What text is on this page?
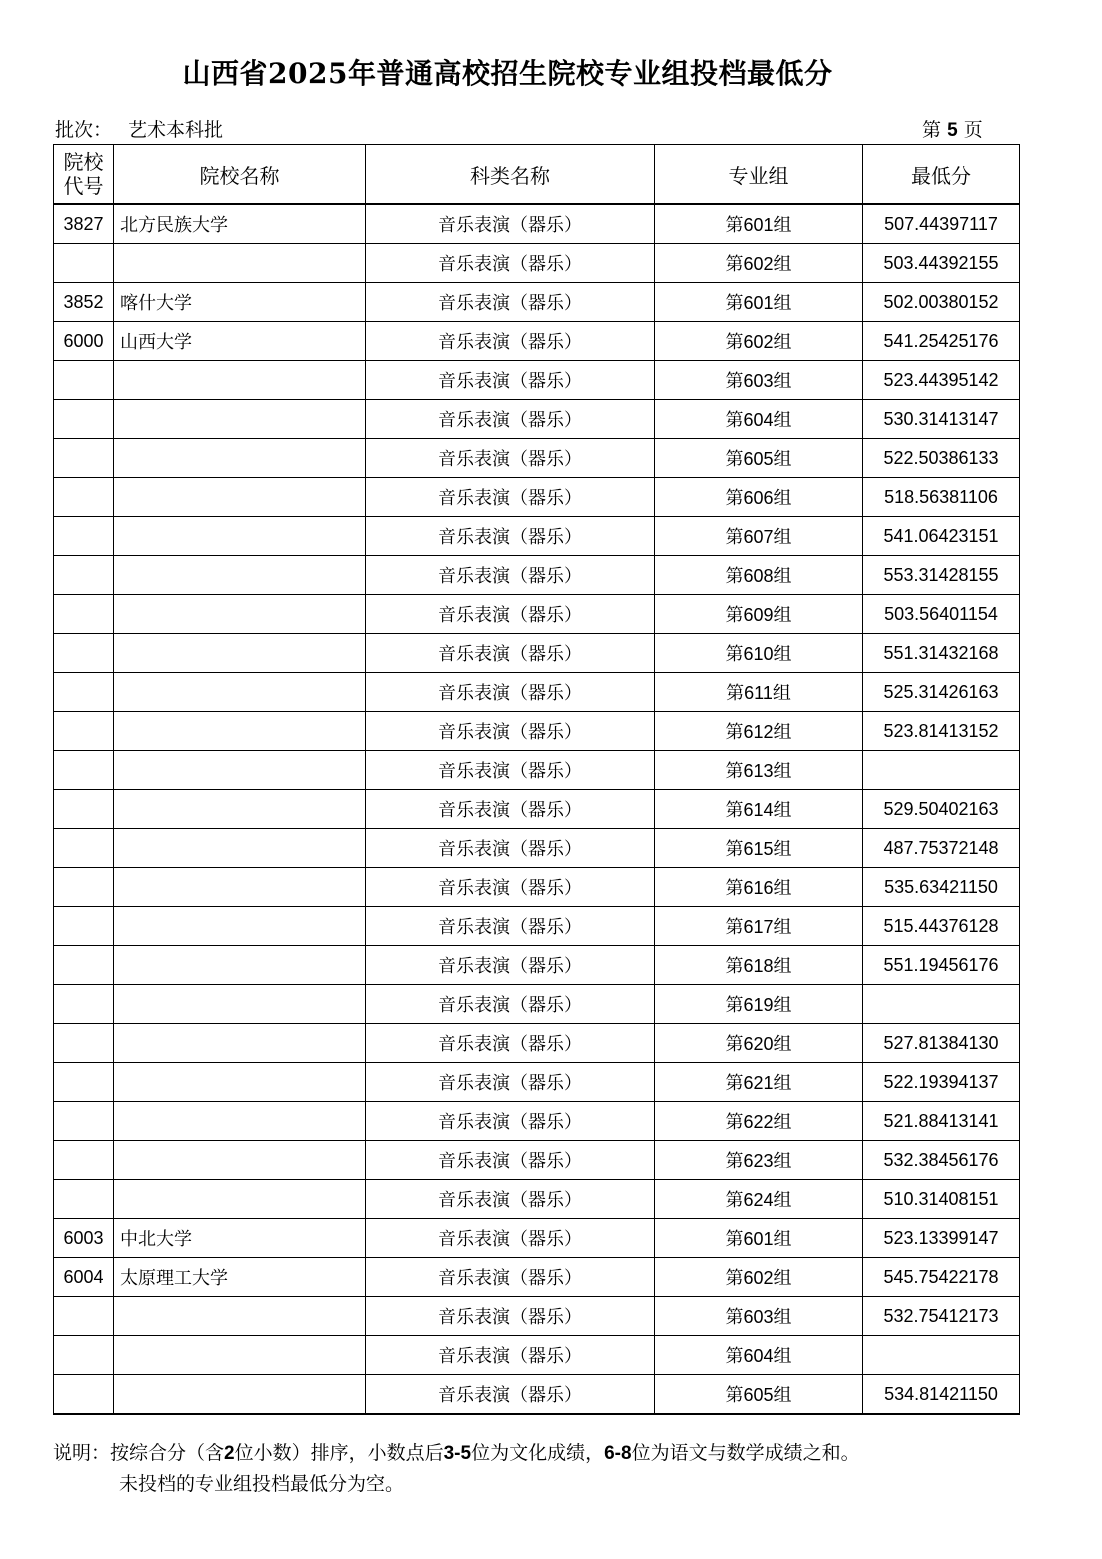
山西省2025年普通高校招生院校专业组投档最低分
批次： 艺术本科批	第 5 页
院校
代号	院校名称	科类名称	专业组	最低分
3827	北方民族大学	音乐表演（器乐）	第601组	507.44397117
		音乐表演（器乐）	第602组	503.44392155
3852	喀什大学	音乐表演（器乐）	第601组	502.00380152
6000	山西大学	音乐表演（器乐）	第602组	541.25425176
		音乐表演（器乐）	第603组	523.44395142
		音乐表演（器乐）	第604组	530.31413147
		音乐表演（器乐）	第605组	522.50386133
		音乐表演（器乐）	第606组	518.56381106
		音乐表演（器乐）	第607组	541.06423151
		音乐表演（器乐）	第608组	553.31428155
		音乐表演（器乐）	第609组	503.56401154
		音乐表演（器乐）	第610组	551.31432168
		音乐表演（器乐）	第611组	525.31426163
		音乐表演（器乐）	第612组	523.81413152
		音乐表演（器乐）	第613组	
		音乐表演（器乐）	第614组	529.50402163
		音乐表演（器乐）	第615组	487.75372148
		音乐表演（器乐）	第616组	535.63421150
		音乐表演（器乐）	第617组	515.44376128
		音乐表演（器乐）	第618组	551.19456176
		音乐表演（器乐）	第619组	
		音乐表演（器乐）	第620组	527.81384130
		音乐表演（器乐）	第621组	522.19394137
		音乐表演（器乐）	第622组	521.88413141
		音乐表演（器乐）	第623组	532.38456176
		音乐表演（器乐）	第624组	510.31408151
6003	中北大学	音乐表演（器乐）	第601组	523.13399147
6004	太原理工大学	音乐表演（器乐）	第602组	545.75422178
		音乐表演（器乐）	第603组	532.75412173
		音乐表演（器乐）	第604组	
		音乐表演（器乐）	第605组	534.81421150
说明：按综合分（含2位小数）排序，小数点后3-5位为文化成绩，6-8位为语文与数学成绩之和。
未投档的专业组投档最低分为空。
